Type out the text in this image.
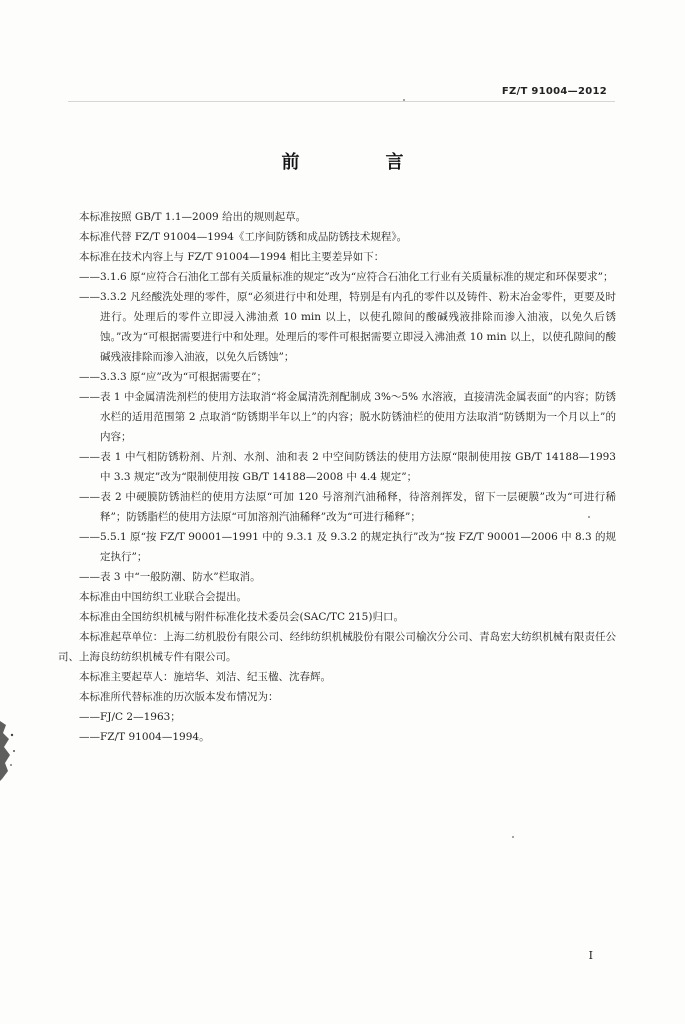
FZ/T 91004—2012
前　言

本标准按照 GB/T 1.1—2009 给出的规则起草。

本标准代替 FZ/T 91004—1994《工序间防锈和成品防锈技术规程》。

本标准在技术内容上与 FZ/T 91004—1994 相比主要差异如下：

——3.1.6 原“应符合石油化工部有关质量标准的规定”改为“应符合石油化工行业有关质量标准的规定和环保要求”；

——3.3.2 凡经酸洗处理的零件，原“必须进行中和处理，特别是有内孔的零件以及铸件、粉末冶金零件，更要及时进行。处理后的零件立即浸入沸油煮 10 min 以上，以使孔隙间的酸碱残液排除而渗入油液，以免久后锈蚀。”改为“可根据需要进行中和处理。处理后的零件可根据需要立即浸入沸油煮 10 min 以上，以使孔隙间的酸碱残液排除而渗入油液，以免久后锈蚀”；

——3.3.3 原“应”改为“可根据需要在”；

——表 1 中金属清洗剂栏的使用方法取消“将金属清洗剂配制成 3%～5% 水溶液，直接清洗金属表面”的内容；防锈水栏的适用范围第 2 点取消“防锈期半年以上”的内容；脱水防锈油栏的使用方法取消“防锈期为一个月以上”的内容；

——表 1 中气相防锈粉剂、片剂、水剂、油和表 2 中空间防锈法的使用方法原“限制使用按 GB/T 14188—1993 中 3.3 规定”改为“限制使用按 GB/T 14188—2008 中 4.4 规定”；

——表 2 中硬膜防锈油栏的使用方法原“可加 120 号溶剂汽油稀释，待溶剂挥发，留下一层硬膜”改为“可进行稀释”；防锈脂栏的使用方法原“可加溶剂汽油稀释”改为“可进行稀释”；

——5.5.1 原“按 FZ/T 90001—1991 中的 9.3.1 及 9.3.2 的规定执行”改为“按 FZ/T 90001—2006 中 8.3 的规定执行”；

——表 3 中“一般防潮、防水”栏取消。

本标准由中国纺织工业联合会提出。

本标准由全国纺织机械与附件标准化技术委员会(SAC/TC 215)归口。

本标准起草单位：上海二纺机股份有限公司、经纬纺织机械股份有限公司榆次分公司、青岛宏大纺织机械有限责任公司、上海良纺纺织机械专件有限公司。

本标准主要起草人：施培华、刘洁、纪玉楹、沈春辉。

本标准所代替标准的历次版本发布情况为：

——FJ/C 2—1963；

——FZ/T 91004—1994。

I
